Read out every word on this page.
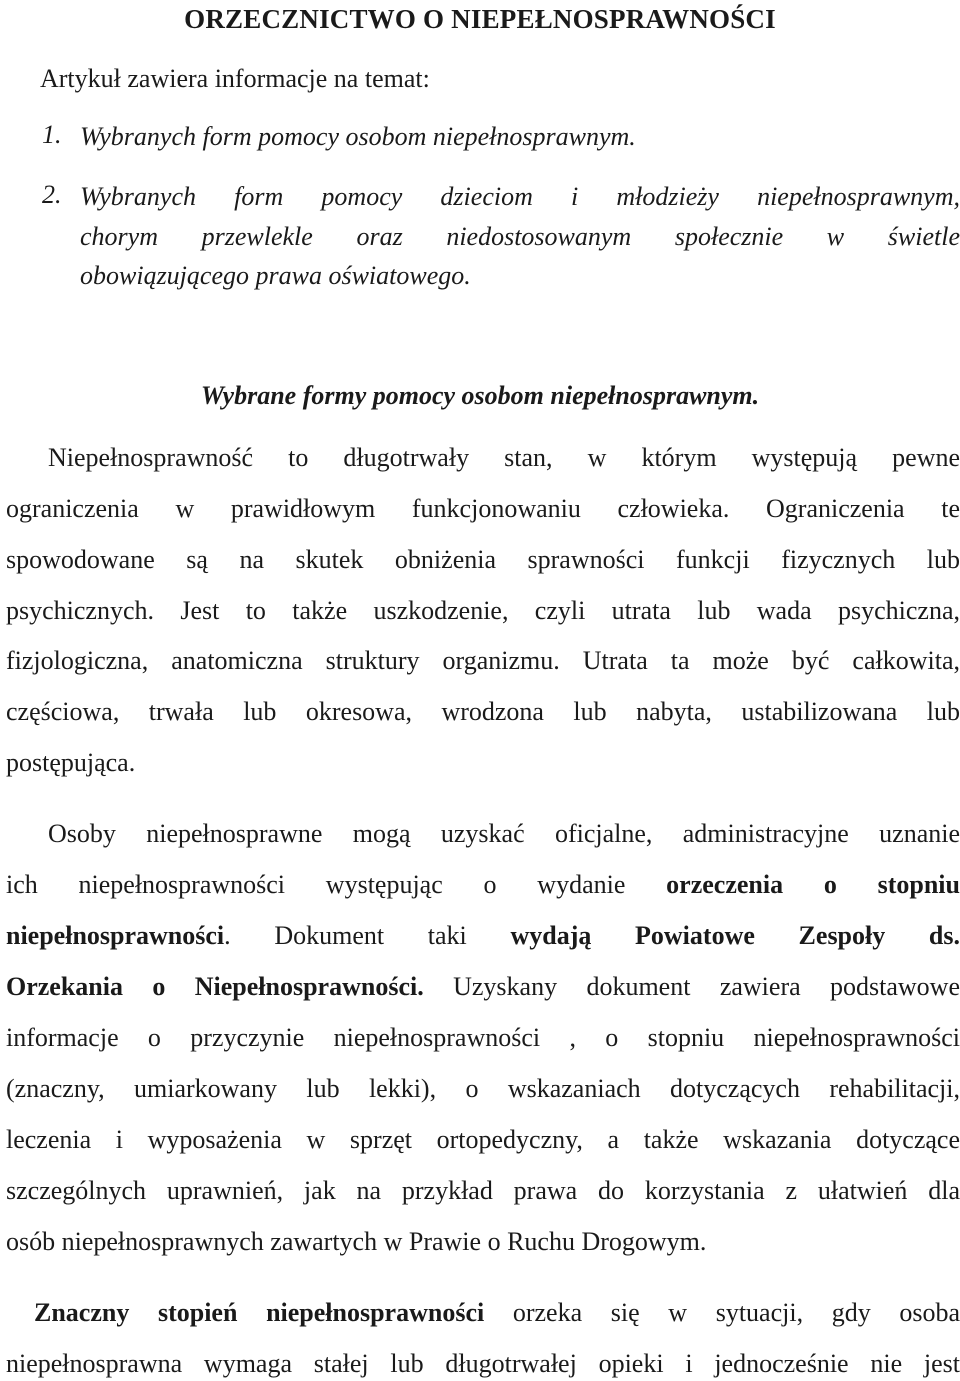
ORZECZNICTWO O NIEPEŁNOSPRAWNOŚCI
Artykuł zawiera informacje na temat:
1. Wybranych form pomocy osobom niepełnosprawnym.
2. Wybranych form pomocy dzieciom i młodzieży niepełnosprawnym,
chorym przewlekle oraz niedostosowanym społecznie w świetle
obowiązującego prawa oświatowego.
Wybrane formy pomocy osobom niepełnosprawnym.
Niepełnosprawność to długotrwały stan, w którym występują pewne
ograniczenia w prawidłowym funkcjonowaniu człowieka. Ograniczenia te
spowodowane są na skutek obniżenia sprawności funkcji fizycznych lub
psychicznych. Jest to także uszkodzenie, czyli utrata lub wada psychiczna,
fizjologiczna, anatomiczna struktury organizmu. Utrata ta może być całkowita,
częściowa, trwała lub okresowa, wrodzona lub nabyta, ustabilizowana lub
postępująca.
Osoby niepełnosprawne mogą uzyskać oficjalne, administracyjne uznanie
ich niepełnosprawności występując o wydanie orzeczenia o stopniu
niepełnosprawności. Dokument taki wydają Powiatowe Zespoły ds.
Orzekania o Niepełnosprawności. Uzyskany dokument zawiera podstawowe
informacje o przyczynie niepełnosprawności , o stopniu niepełnosprawności
(znaczny, umiarkowany lub lekki), o wskazaniach dotyczących rehabilitacji,
leczenia i wyposażenia w sprzęt ortopedyczny, a także wskazania dotyczące
szczególnych uprawnień, jak na przykład prawa do korzystania z ułatwień dla
osób niepełnosprawnych zawartych w Prawie o Ruchu Drogowym.
Znaczny stopień niepełnosprawności orzeka się w sytuacji, gdy osoba
niepełnosprawna wymaga stałej lub długotrwałej opieki i jednocześnie nie jest
